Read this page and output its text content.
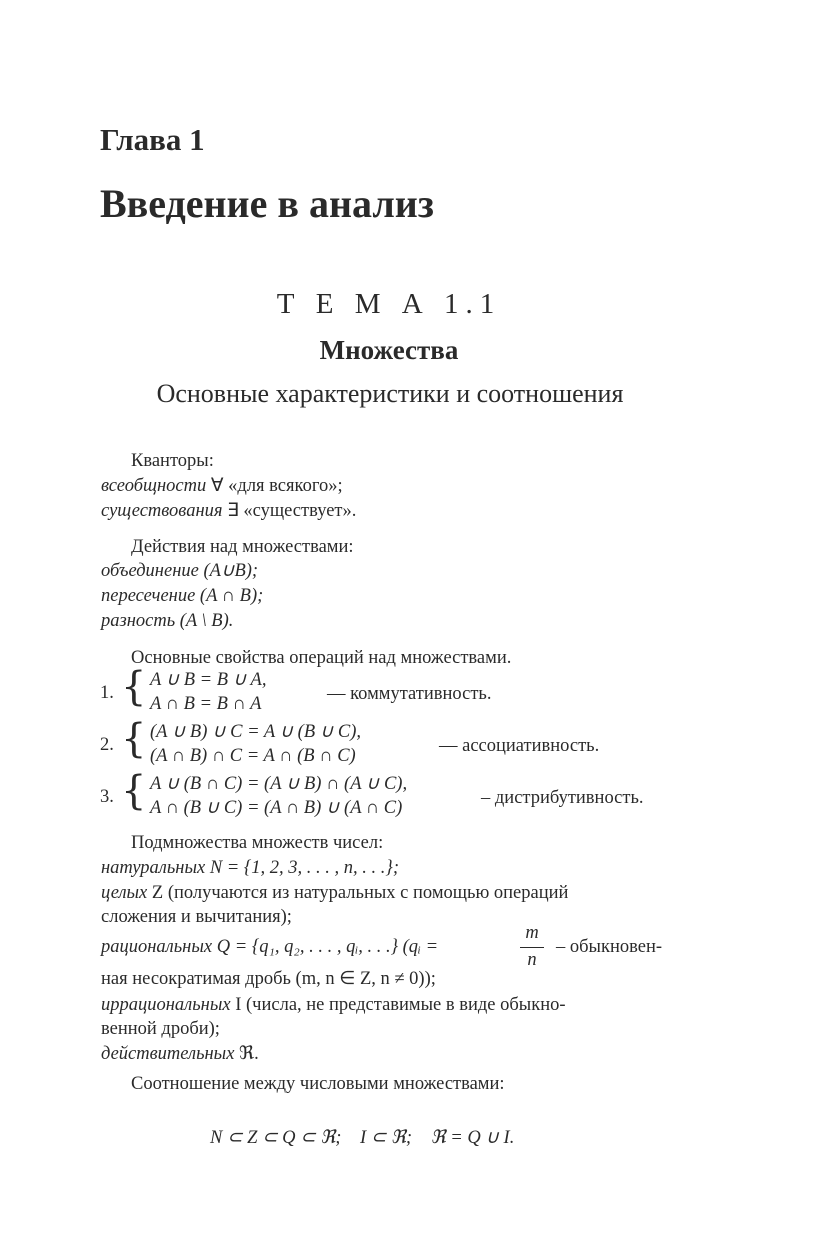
Глава 1
Введение в анализ
Т Е М А 1.1
Множества
Основные характеристики и соотношения
Кванторы:
всеобщности ∀ «для всякого»;
существования ∃ «существует».
Действия над множествами:
объединение (A∪B);
пересечение (A ∩ B);
разность (A \ B).
Основные свойства операций над множествами.
1. { A ∪ B = B ∪ A,
A ∩ B = B ∩ A	— коммутативность.
2. { (A ∪ B) ∪ C = A ∪ (B ∪ C),
(A ∩ B) ∩ C = A ∩ (B ∩ C)	— ассоциативность.
3. { A ∪ (B ∩ C) = (A ∪ B) ∩ (A ∪ C),
A ∩ (B ∪ C) = (A ∩ B) ∪ (A ∩ C)	– дистрибутивность.
Подмножества множеств чисел:
натуральных N = {1, 2, 3, . . . , n, . . .};
целых Z (получаются из натуральных с помощью операций
сложения и вычитания);
рациональных Q = {q₁, q₂, . . . , qᵢ, . . .} (qᵢ =
m
n
– обыкновен-
ная несократимая дробь (m, n ∈ Z, n ≠ 0));
иррациональных I (числа, не представимые в виде обыкно-
венной дроби);
действительных ℜ.
Соотношение между числовыми множествами:
N ⊂ Z ⊂ Q ⊂ ℜ;    I ⊂ ℜ;    ℜ = Q ∪ I.
